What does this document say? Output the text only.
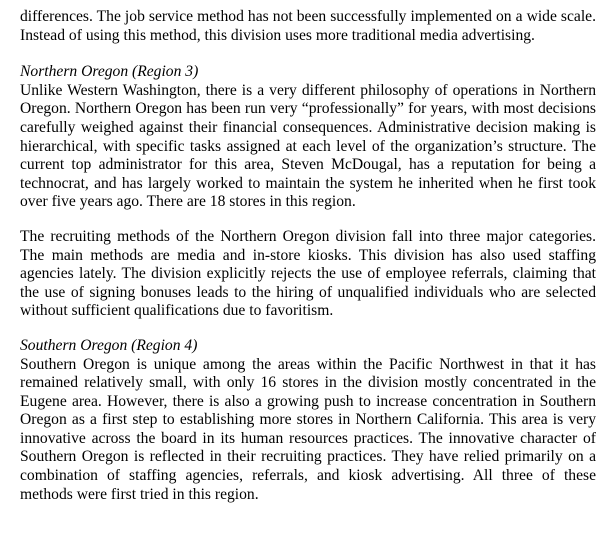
differences. The job service method has not been successfully implemented on a wide scale. Instead of using this method, this division uses more traditional media advertising.

Northern Oregon (Region 3)

Unlike Western Washington, there is a very different philosophy of operations in Northern Oregon. Northern Oregon has been run very “professionally” for years, with most decisions carefully weighed against their financial consequences. Administrative decision making is hierarchical, with specific tasks assigned at each level of the organization’s structure. The current top administrator for this area, Steven McDougal, has a reputation for being a technocrat, and has largely worked to maintain the system he inherited when he first took over five years ago. There are 18 stores in this region.

The recruiting methods of the Northern Oregon division fall into three major categories. The main methods are media and in-store kiosks. This division has also used staffing agencies lately. The division explicitly rejects the use of employee referrals, claiming that the use of signing bonuses leads to the hiring of unqualified individuals who are selected without sufficient qualifications due to favoritism.

Southern Oregon (Region 4)

Southern Oregon is unique among the areas within the Pacific Northwest in that it has remained relatively small, with only 16 stores in the division mostly concentrated in the Eugene area. However, there is also a growing push to increase concentration in Southern Oregon as a first step to establishing more stores in Northern California. This area is very innovative across the board in its human resources practices. The innovative character of Southern Oregon is reflected in their recruiting practices. They have relied primarily on a combination of staffing agencies, referrals, and kiosk advertising. All three of these methods were first tried in this region.
